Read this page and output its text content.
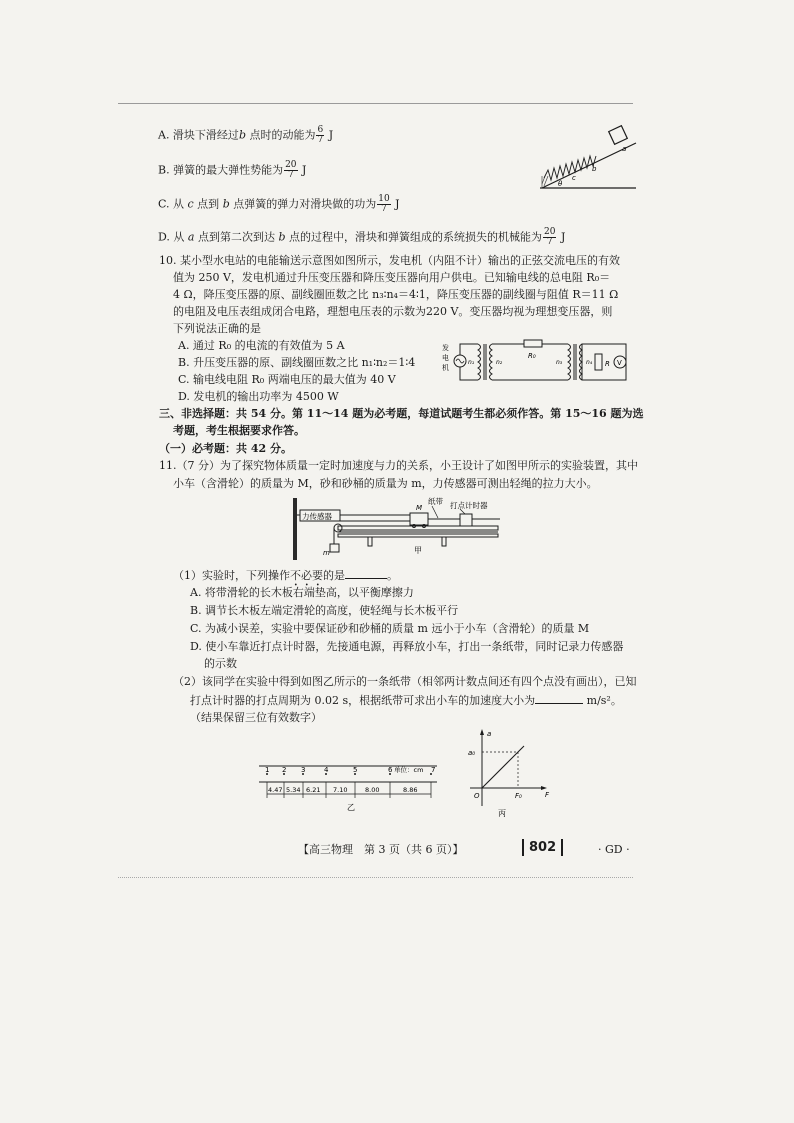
A. 滑块下滑经过b 点时的动能为 $\frac{6}{7}$ J
B. 弹簧的最大弹性势能为 $\frac{20}{7}$ J
C. 从 c 点到 b 点弹簧的弹力对滑块做的功为 $\frac{10}{7}$ J
D. 从 a 点到第二次到达 b 点的过程中，滑块和弹簧组成的系统损失的机械能为 $\frac{20}{7}$ J
a
b
c
θ
10. 某小型水电站的电能输送示意图如图所示，发电机（内阻不计）输出的正弦交流电压的有效
值为 250 V，发电机通过升压变压器和降压变压器向用户供电。已知输电线的总电阻 R₀＝
4 Ω，降压变压器的原、副线圈匝数之比 n₃∶n₄＝4∶1，降压变压器的副线圈与阻值 R＝11 Ω
的电阻及电压表组成闭合电路，理想电压表的示数为220 V。变压器均视为理想变压器，则
下列说法正确的是
A. 通过 R₀ 的电流的有效值为 5 A
B. 升压变压器的原、副线圈匝数之比 n₁∶n₂＝1∶4
C. 输电线电阻 R₀ 两端电压的最大值为 40 V
D. 发电机的输出功率为 4500 W
发
电
机
n₁	n₂
R₀
n₃	n₄ R V
三、非选择题：共 54 分。第 11～14 题为必考题，每道试题考生都必须作答。第 15～16 题为选
考题，考生根据要求作答。
（一）必考题：共 42 分。
11.（7 分）为了探究物体质量一定时加速度与力的关系，小王设计了如图甲所示的实验装置，其中
小车（含滑轮）的质量为 M，砂和砂桶的质量为 m，力传感器可测出轻绳的拉力大小。
力传感器
m
M
纸带 打点计时器
甲
（1）实验时，下列操作不必要的是	。
A. 将带滑轮的长木板右端垫高，以平衡摩擦力
B. 调节长木板左端定滑轮的高度，使轻绳与长木板平行
C. 为减小误差，实验中要保证砂和砂桶的质量 m 远小于小车（含滑轮）的质量 M
D. 使小车靠近打点计时器，先接通电源，再释放小车，打出一条纸带，同时记录力传感器
的示数
（2）该同学在实验中得到如图乙所示的一条纸带（相邻两计数点间还有四个点没有画出），已知
打点计时器的打点周期为 0.02 s，根据纸带可求出小车的加速度大小为	m/s²。
（结果保留三位有效数字）
1 2 3	4	5	6	7
单位：cm
4.47 5.34 6.21 7.10	8.00	8.86
乙
a
F
a₀
O	F₀
丙
【高三物理　第 3 页（共 6 页）】	802	· GD ·
